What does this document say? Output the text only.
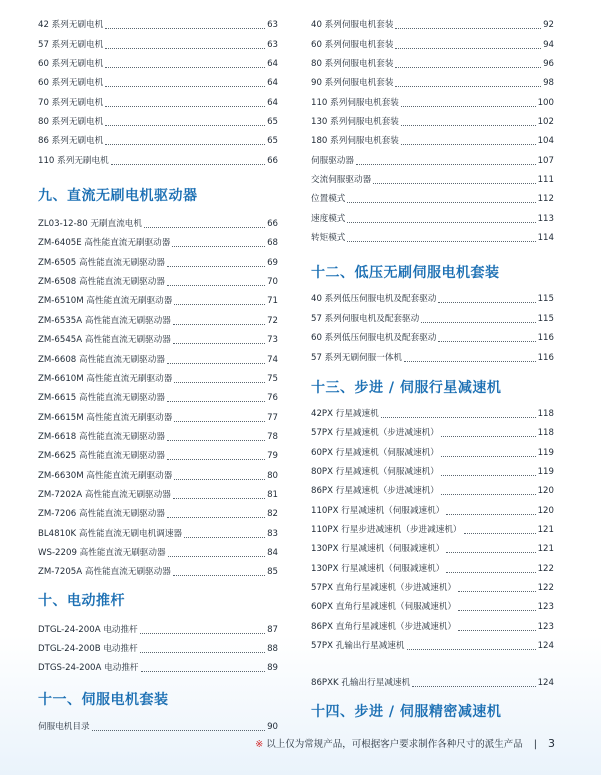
42 系列无刷电机	63
57 系列无刷电机	63
60 系列无刷电机	64
60 系列无刷电机	64
70 系列无刷电机	64
80 系列无刷电机	65
86 系列无刷电机	65
110 系列无刷电机	66
九、直流无刷电机驱动器
ZL03-12-80 无刷直流电机	66
ZM-6405E 高性能直流无刷驱动器	68
ZM-6505 高性能直流无刷驱动器	69
ZM-6508 高性能直流无刷驱动器	70
ZM-6510M 高性能直流无刷驱动器	71
ZM-6535A 高性能直流无刷驱动器	72
ZM-6545A 高性能直流无刷驱动器	73
ZM-6608 高性能直流无刷驱动器	74
ZM-6610M 高性能直流无刷驱动器	75
ZM-6615 高性能直流无刷驱动器	76
ZM-6615M 高性能直流无刷驱动器	77
ZM-6618 高性能直流无刷驱动器	78
ZM-6625 高性能直流无刷驱动器	79
ZM-6630M 高性能直流无刷驱动器	80
ZM-7202A 高性能直流无刷驱动器	81
ZM-7206 高性能直流无刷驱动器	82
BL4810K 高性能直流无刷电机调速器	83
WS-2209 高性能直流无刷驱动器	84
ZM-7205A 高性能直流无刷驱动器	85
十、电动推杆
DTGL-24-200A 电动推杆	87
DTGL-24-200B 电动推杆	88
DTGS-24-200A 电动推杆	89
十一、伺服电机套装
伺服电机目录	90
40 系列伺服电机套装	92
60 系列伺服电机套装	94
80 系列伺服电机套装	96
90 系列伺服电机套装	98
110 系列伺服电机套装	100
130 系列伺服电机套装	102
180 系列伺服电机套装	104
伺服驱动器	107
交流伺服驱动器	111
位置模式	112
速度模式	113
转矩模式	114
十二、低压无刷伺服电机套装
40 系列低压伺服电机及配套驱动	115
57 系列伺服电机及配套驱动	115
60 系列低压伺服电机及配套驱动	116
57 系列无刷伺服一体机	116
十三、步进 / 伺服行星减速机
42PX 行星减速机	118
57PX 行星减速机（步进减速机）	118
60PX 行星减速机（伺服减速机）	119
80PX 行星减速机（伺服减速机）	119
86PX 行星减速机（步进减速机）	120
110PX 行星减速机（伺服减速机）	120
110PX 行星步进减速机（步进减速机）	121
130PX 行星减速机（伺服减速机）	121
130PX 行星减速机（伺服减速机）	122
57PX 直角行星减速机（步进减速机）	122
60PX 直角行星减速机（伺服减速机）	123
86PX 直角行星减速机（步进减速机）	123
57PX 孔输出行星减速机	124
86PXK 孔输出行星减速机	124
十四、步进 / 伺服精密减速机
※ 以上仅为常规产品，可根据客户要求制作各种尺寸的派生产品 | 3
